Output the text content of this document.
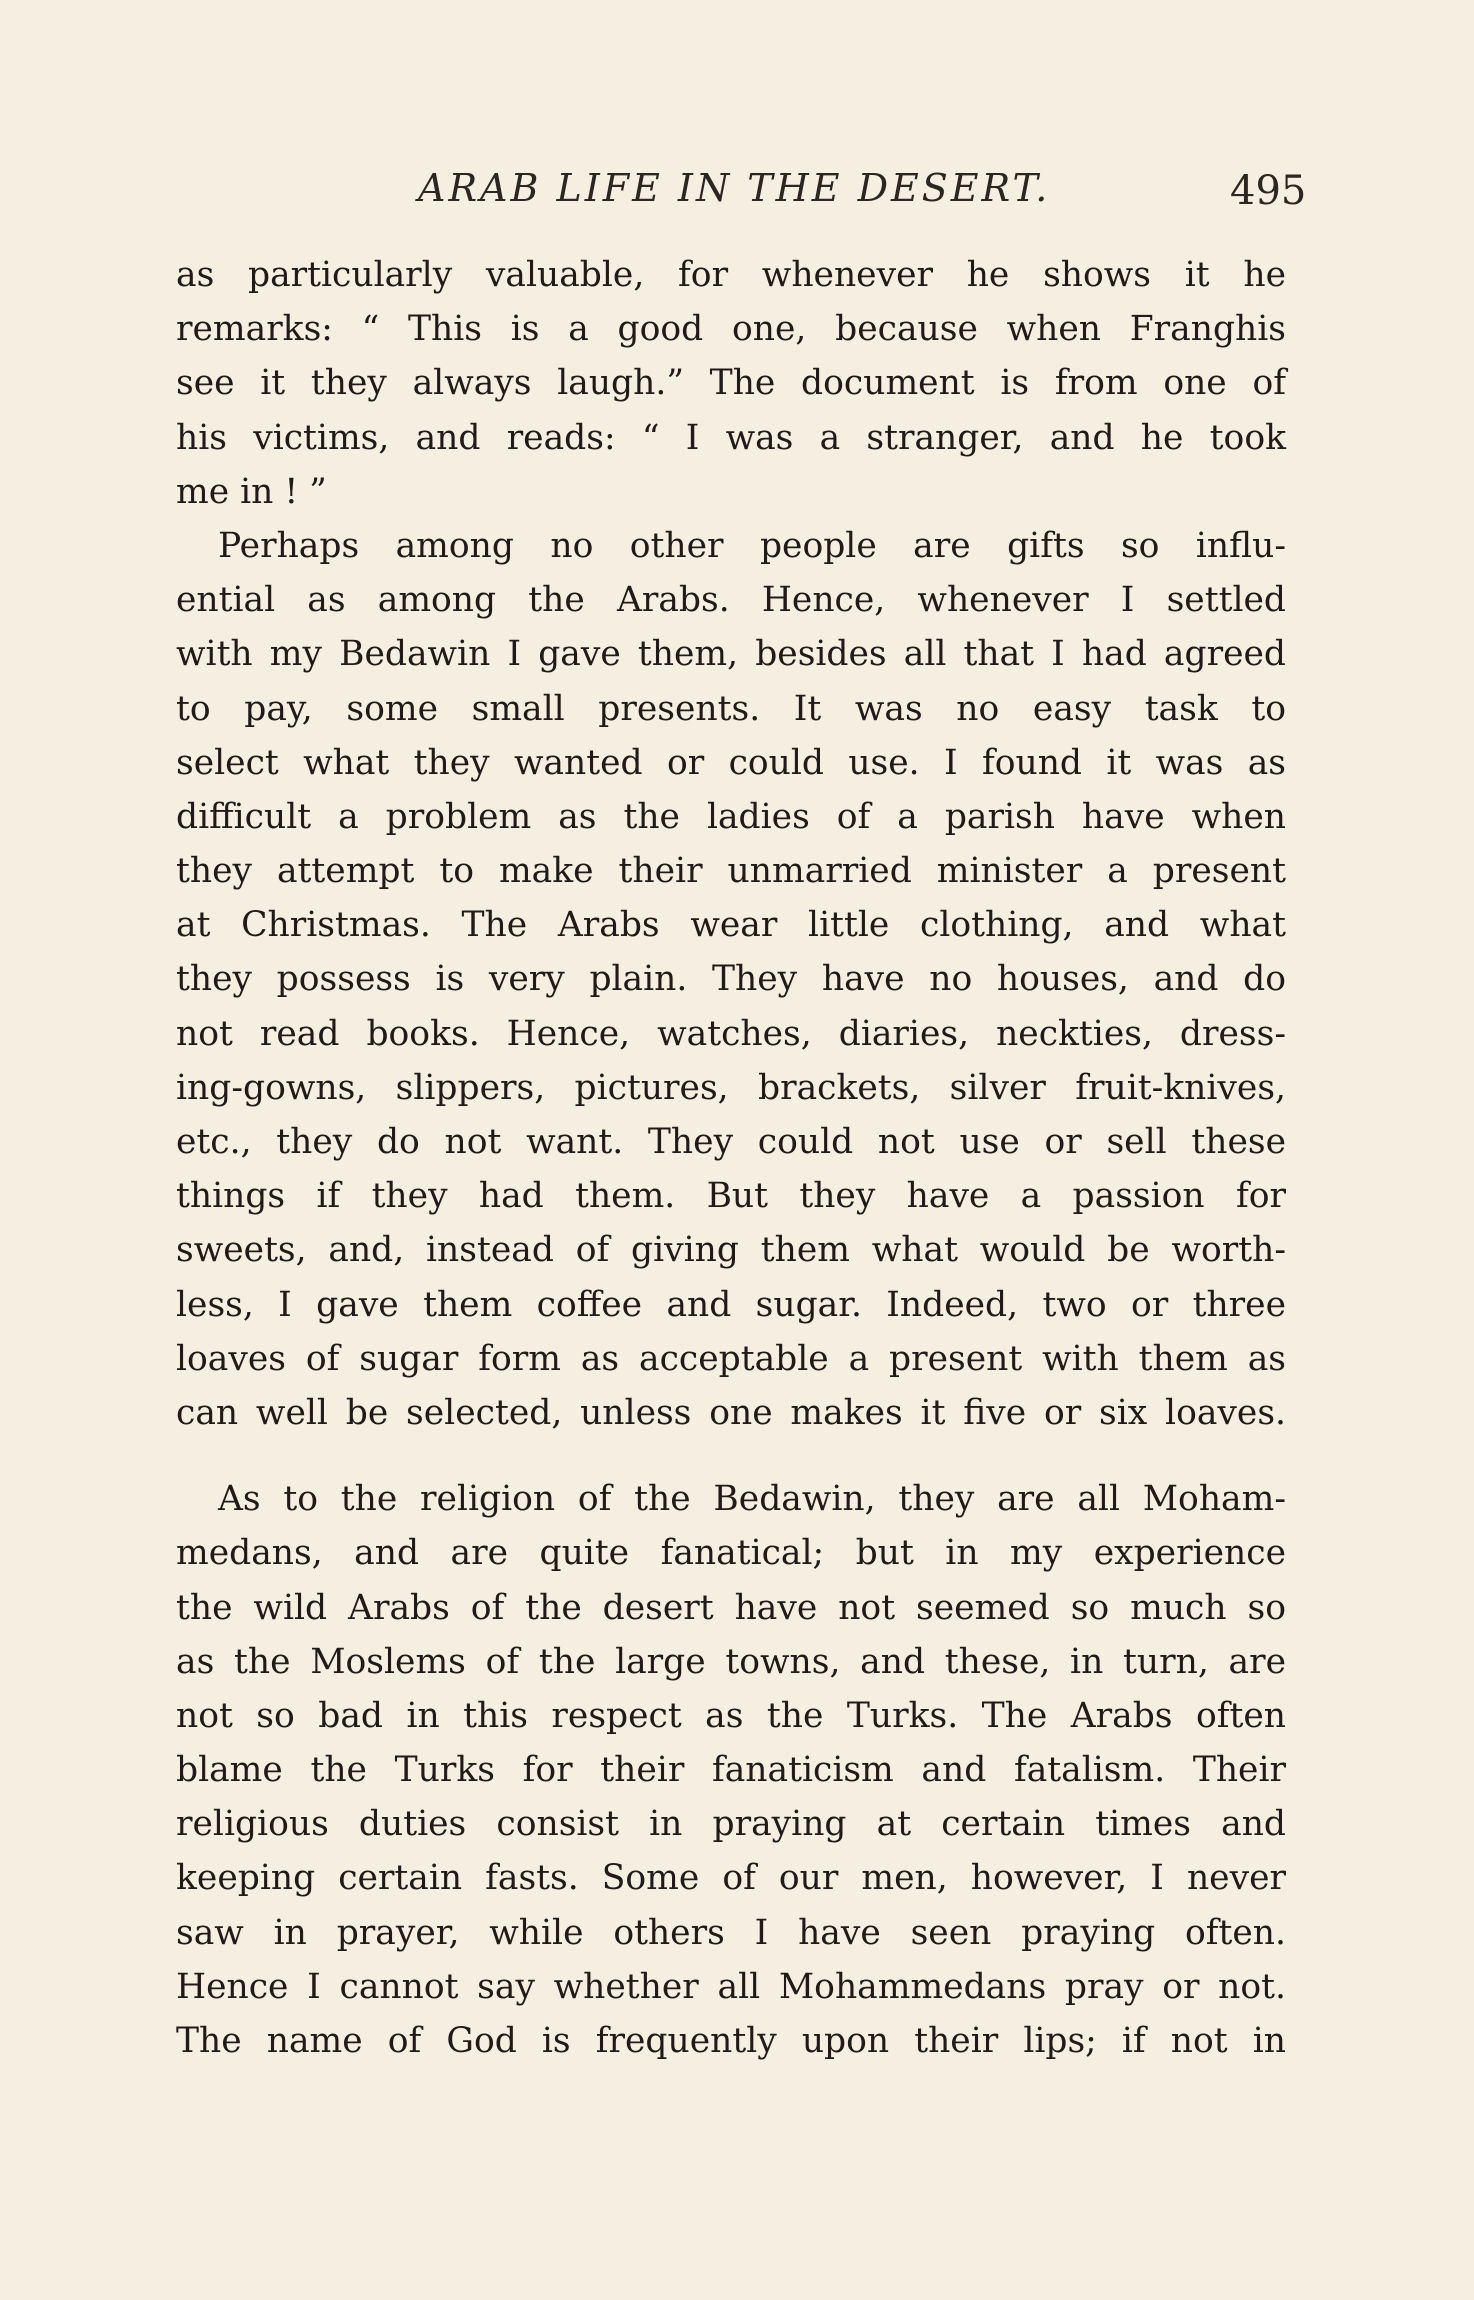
ARAB LIFE IN THE DESERT.	495
as particularly valuable, for whenever he shows it he
remarks: “ This is a good one, because when Franghis
see it they always laugh.” The document is from one of
his victims, and reads: “ I was a stranger, and he took
me in ! ”
Perhaps among no other people are gifts so influ-
ential as among the Arabs. Hence, whenever I settled
with my Bedawin I gave them, besides all that I had agreed
to pay, some small presents. It was no easy task to
select what they wanted or could use. I found it was as
difficult a problem as the ladies of a parish have when
they attempt to make their unmarried minister a present
at Christmas. The Arabs wear little clothing, and what
they possess is very plain. They have no houses, and do
not read books. Hence, watches, diaries, neckties, dress-
ing-gowns, slippers, pictures, brackets, silver fruit-knives,
etc., they do not want. They could not use or sell these
things if they had them. But they have a passion for
sweets, and, instead of giving them what would be worth-
less, I gave them coffee and sugar. Indeed, two or three
loaves of sugar form as acceptable a present with them as
can well be selected, unless one makes it five or six loaves.
As to the religion of the Bedawin, they are all Moham-
medans, and are quite fanatical; but in my experience
the wild Arabs of the desert have not seemed so much so
as the Moslems of the large towns, and these, in turn, are
not so bad in this respect as the Turks. The Arabs often
blame the Turks for their fanaticism and fatalism. Their
religious duties consist in praying at certain times and
keeping certain fasts. Some of our men, however, I never
saw in prayer, while others I have seen praying often.
Hence I cannot say whether all Mohammedans pray or not.
The name of God is frequently upon their lips; if not in
